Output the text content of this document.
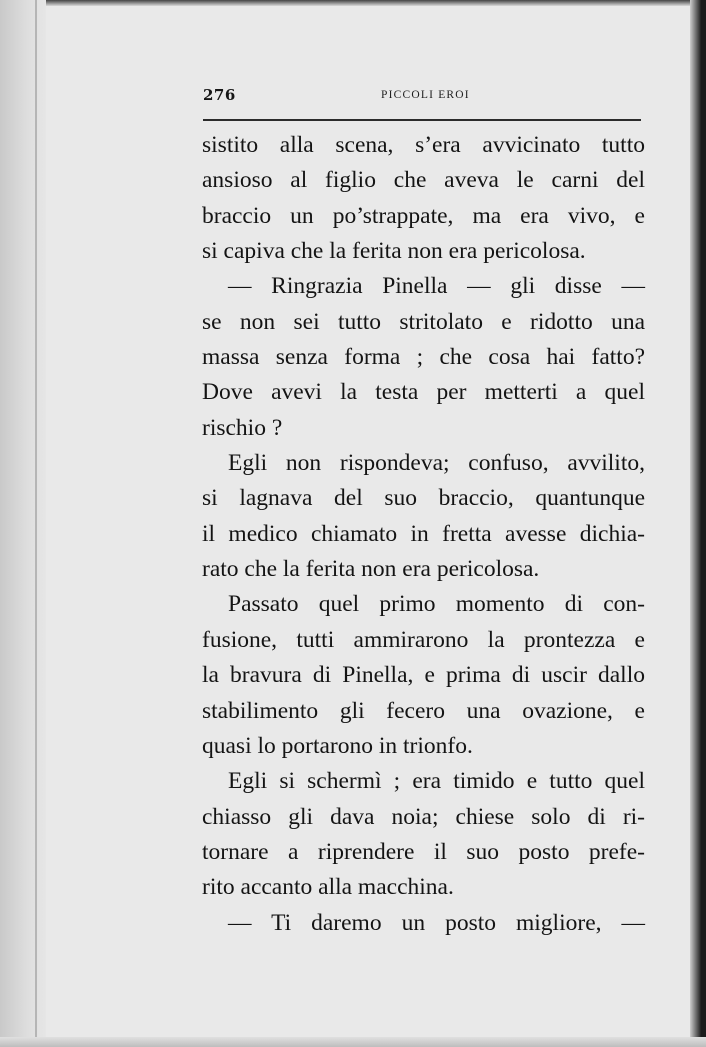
276	PICCOLI EROI
sistito alla scena, s’era avvicinato tutto
ansioso al figlio che aveva le carni del
braccio un po’strappate, ma era vivo, e
si capiva che la ferita non era pericolosa.
— Ringrazia Pinella — gli disse —
se non sei tutto stritolato e ridotto una
massa senza forma ; che cosa hai fatto?
Dove avevi la testa per metterti a quel
rischio ?
Egli non rispondeva; confuso, avvilito,
si lagnava del suo braccio, quantunque
il medico chiamato in fretta avesse dichia-
rato che la ferita non era pericolosa.
Passato quel primo momento di con-
fusione, tutti ammirarono la prontezza e
la bravura di Pinella, e prima di uscir dallo
stabilimento gli fecero una ovazione, e
quasi lo portarono in trionfo.
Egli si schermì ; era timido e tutto quel
chiasso gli dava noia; chiese solo di ri-
tornare a riprendere il suo posto prefe-
rito accanto alla macchina.
— Ti daremo un posto migliore, —
